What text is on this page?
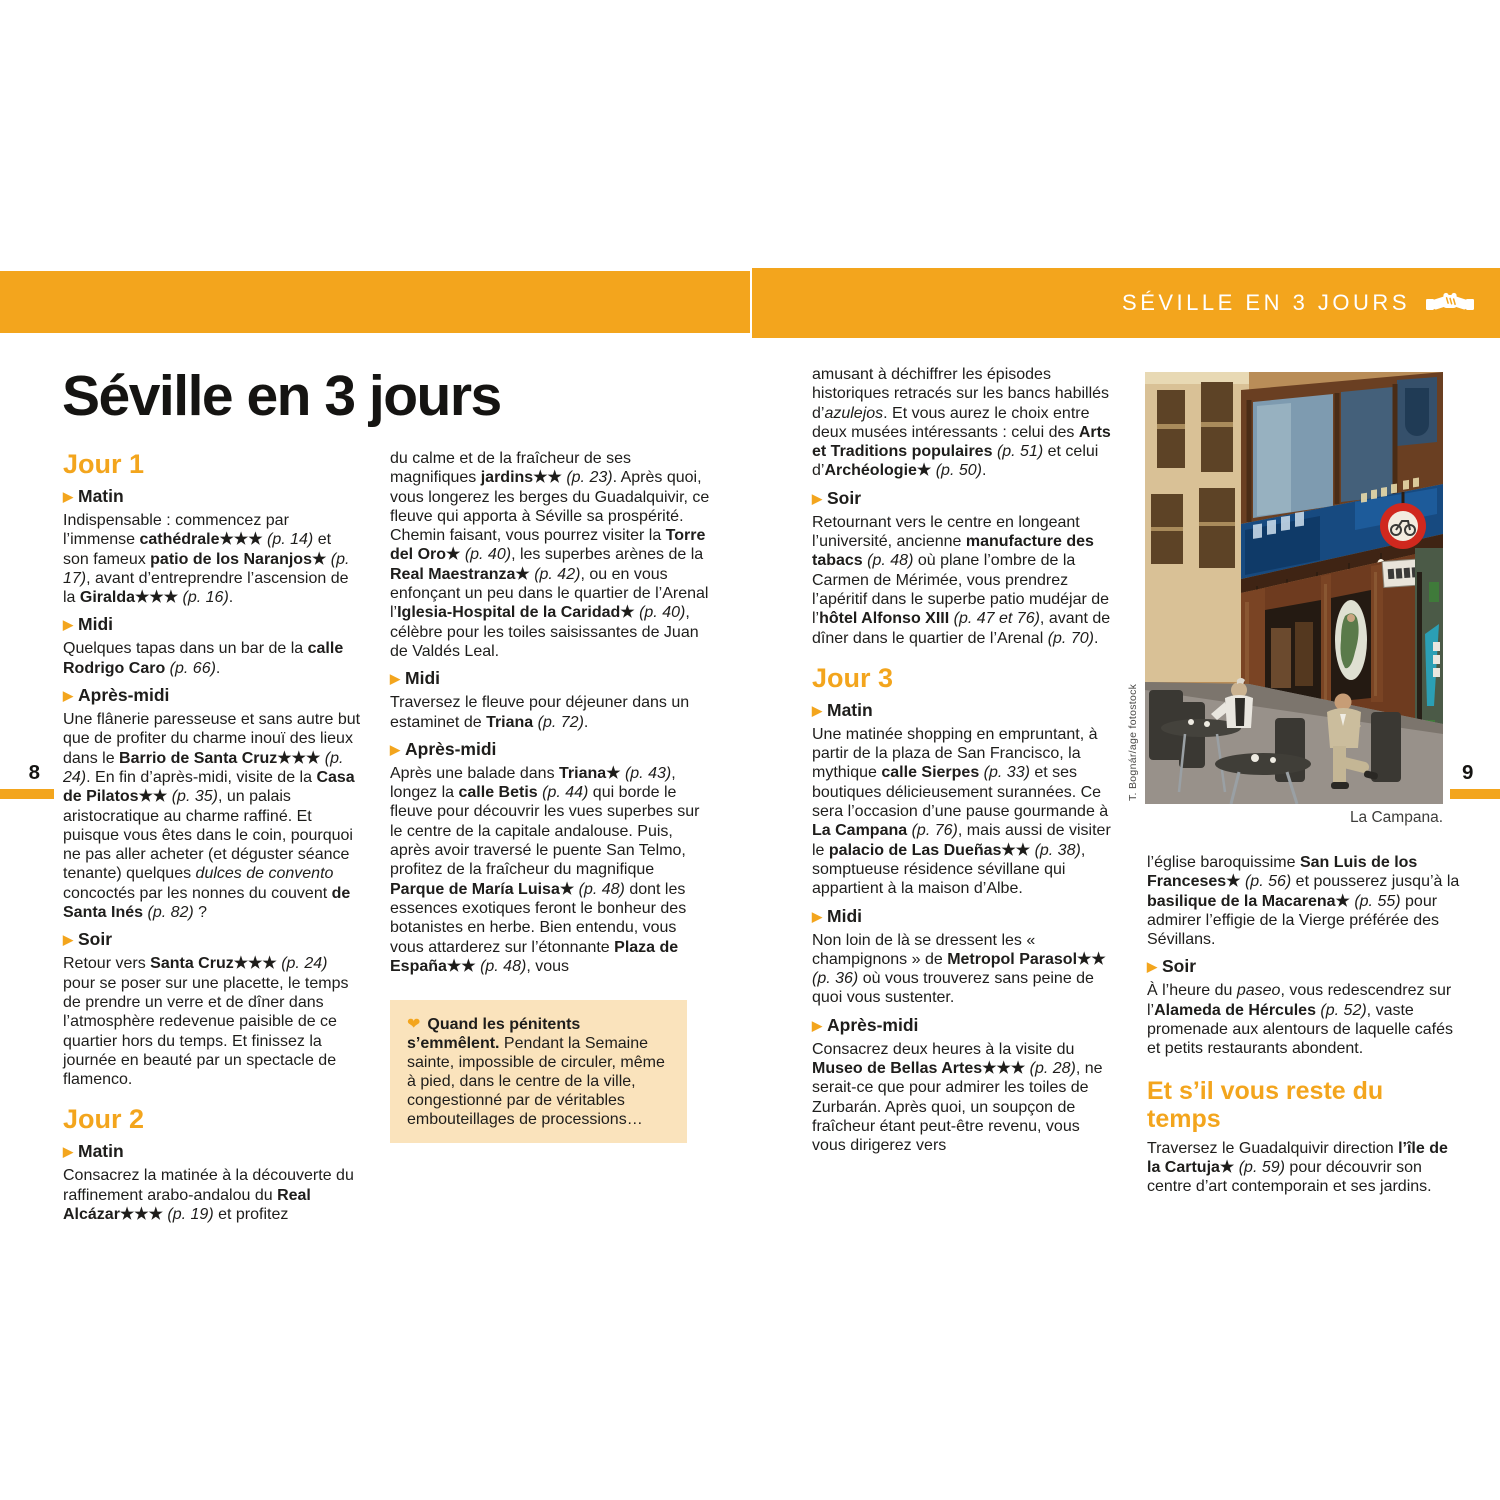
SÉVILLE EN 3 JOURS
Séville en 3 jours
Jour 1
▶ Matin

Indispensable : commencez par l’immense cathédrale★★★ (p. 14) et son fameux patio de los Naranjos★ (p. 17), avant d’entreprendre l’ascension de la Giralda★★★ (p. 16).

▶ Midi

Quelques tapas dans un bar de la calle Rodrigo Caro (p. 66).

▶ Après-midi

Une flânerie paresseuse et sans autre but que de profiter du charme inouï des lieux dans le Barrio de Santa Cruz★★★ (p. 24). En fin d’après-midi, visite de la Casa de Pilatos★★ (p. 35), un palais aristocratique au charme raffiné. Et puisque vous êtes dans le coin, pourquoi ne pas aller acheter (et déguster séance tenante) quelques dulces de convento concoctés par les nonnes du couvent de Santa Inés (p. 82) ?

▶ Soir

Retour vers Santa Cruz★★★ (p. 24) pour se poser sur une placette, le temps de prendre un verre et de dîner dans l’atmosphère redevenue paisible de ce quartier hors du temps. Et finissez la journée en beauté par un spectacle de flamenco.

Jour 2
▶ Matin

Consacrez la matinée à la découverte du raffinement arabo-andalou du Real Alcázar★★★ (p. 19) et profitez

du calme et de la fraîcheur de ses magnifiques jardins★★ (p. 23). Après quoi, vous longerez les berges du Guadalquivir, ce fleuve qui apporta à Séville sa prospérité. Chemin faisant, vous pourrez visiter la Torre del Oro★ (p. 40), les superbes arènes de la Real Maestranza★ (p. 42), ou en vous enfonçant un peu dans le quartier de l’Arenal l’Iglesia-Hospital de la Caridad★ (p. 40), célèbre pour les toiles saisissantes de Juan de Valdés Leal.

▶ Midi

Traversez le fleuve pour déjeuner dans un estaminet de Triana (p. 72).

▶ Après-midi

Après une balade dans Triana★ (p. 43), longez la calle Betis (p. 44) qui borde le fleuve pour découvrir les vues superbes sur le centre de la capitale andalouse. Puis, après avoir traversé le puente San Telmo, profitez de la fraîcheur du magnifique Parque de María Luisa★ (p. 48) dont les essences exotiques feront le bonheur des botanistes en herbe. Bien entendu, vous vous attarderez sur l’étonnante Plaza de España★★ (p. 48), vous

❤ Quand les pénitents s’emmêlent. Pendant la Semaine sainte, impossible de circuler, même à pied, dans le centre de la ville, congestionné par de véritables embouteillages de processions…

amusant à déchiffrer les épisodes historiques retracés sur les bancs habillés d’azulejos. Et vous aurez le choix entre deux musées intéressants : celui des Arts et Traditions populaires (p. 51) et celui d’Archéologie★ (p. 50).

▶ Soir

Retournant vers le centre en longeant l’université, ancienne manufacture des tabacs (p. 48) où plane l’ombre de la Carmen de Mérimée, vous prendrez l’apéritif dans le superbe patio mudéjar de l’hôtel Alfonso XIII (p. 47 et 76), avant de dîner dans le quartier de l’Arenal (p. 70).

Jour 3
▶ Matin

Une matinée shopping en empruntant, à partir de la plaza de San Francisco, la mythique calle Sierpes (p. 33) et ses boutiques délicieusement surannées. Ce sera l’occasion d’une pause gourmande à La Campana (p. 76), mais aussi de visiter le palacio de Las Dueñas★★ (p. 38), somptueuse résidence sévillane qui appartient à la maison d’Albe.

▶ Midi

Non loin de là se dressent les « champignons » de Metropol Parasol★★ (p. 36) où vous trouverez sans peine de quoi vous sustenter.

▶ Après-midi

Consacrez deux heures à la visite du Museo de Bellas Artes★★★ (p. 28), ne serait-ce que pour admirer les toiles de Zurbarán. Après quoi, un soupçon de fraîcheur étant peut-être revenu, vous vous dirigerez vers

l’église baroquissime San Luis de los Franceses★ (p. 56) et pousserez jusqu’à la basilique de la Macarena★ (p. 55) pour admirer l’effigie de la Vierge préférée des Sévillans.

▶ Soir

À l’heure du paseo, vous redescendrez sur l’Alameda de Hércules (p. 52), vaste promenade aux alentours de laquelle cafés et petits restaurants abondent.

Et s’il vous reste du temps

Traversez le Guadalquivir direction l’île de la Cartuja★ (p. 59) pour découvrir son centre d’art contemporain et ses jardins.

T. Bognár/age fotostock
La Campana.
8	9
